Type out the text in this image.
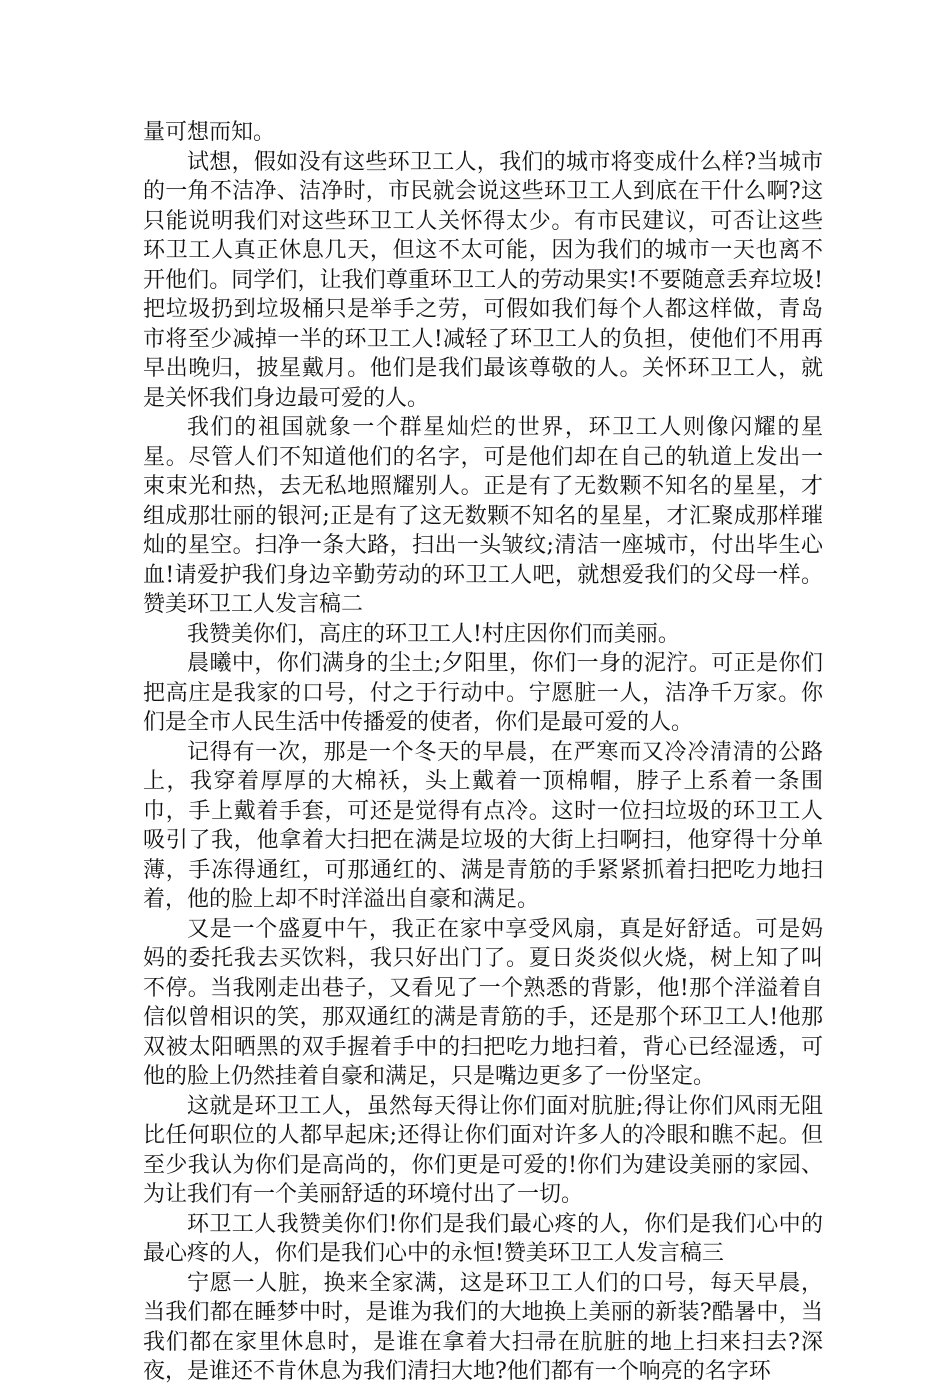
量可想而知。

试想，假如没有这些环卫工人，我们的城市将变成什么样?当城市的一角不洁净、洁净时，市民就会说这些环卫工人到底在干什么啊?这只能说明我们对这些环卫工人关怀得太少。有市民建议，可否让这些环卫工人真正休息几天，但这不太可能，因为我们的城市一天也离不开他们。同学们，让我们尊重环卫工人的劳动果实!不要随意丢弃垃圾!把垃圾扔到垃圾桶只是举手之劳，可假如我们每个人都这样做，青岛市将至少减掉一半的环卫工人!减轻了环卫工人的负担，使他们不用再早出晚归，披星戴月。他们是我们最该尊敬的人。关怀环卫工人，就是关怀我们身边最可爱的人。

我们的祖国就象一个群星灿烂的世界，环卫工人则像闪耀的星星。尽管人们不知道他们的名字，可是他们却在自己的轨道上发出一束束光和热，去无私地照耀别人。正是有了无数颗不知名的星星，才组成那壮丽的银河;正是有了这无数颗不知名的星星，才汇聚成那样璀灿的星空。扫净一条大路，扫出一头皱纹;清洁一座城市，付出毕生心血!请爱护我们身边辛勤劳动的环卫工人吧，就想爱我们的父母一样。赞美环卫工人发言稿二

我赞美你们，高庄的环卫工人!村庄因你们而美丽。

晨曦中，你们满身的尘土;夕阳里，你们一身的泥泞。可正是你们把高庄是我家的口号，付之于行动中。宁愿脏一人，洁净千万家。你们是全市人民生活中传播爱的使者，你们是最可爱的人。

记得有一次，那是一个冬天的早晨，在严寒而又冷冷清清的公路上，我穿着厚厚的大棉袄，头上戴着一顶棉帽，脖子上系着一条围巾，手上戴着手套，可还是觉得有点冷。这时一位扫垃圾的环卫工人吸引了我，他拿着大扫把在满是垃圾的大街上扫啊扫，他穿得十分单薄，手冻得通红，可那通红的、满是青筋的手紧紧抓着扫把吃力地扫着，他的脸上却不时洋溢出自豪和满足。

又是一个盛夏中午，我正在家中享受风扇，真是好舒适。可是妈妈的委托我去买饮料，我只好出门了。夏日炎炎似火烧，树上知了叫不停。当我刚走出巷子，又看见了一个熟悉的背影，他!那个洋溢着自信似曾相识的笑，那双通红的满是青筋的手，还是那个环卫工人!他那双被太阳晒黑的双手握着手中的扫把吃力地扫着，背心已经湿透，可他的脸上仍然挂着自豪和满足，只是嘴边更多了一份坚定。

这就是环卫工人，虽然每天得让你们面对肮脏;得让你们风雨无阻比任何职位的人都早起床;还得让你们面对许多人的冷眼和瞧不起。但至少我认为你们是高尚的，你们更是可爱的!你们为建设美丽的家园、为让我们有一个美丽舒适的环境付出了一切。

环卫工人我赞美你们!你们是我们最心疼的人，你们是我们心中的最心疼的人，你们是我们心中的永恒!赞美环卫工人发言稿三

宁愿一人脏，换来全家满，这是环卫工人们的口号，每天早晨，当我们都在睡梦中时，是谁为我们的大地换上美丽的新装?酷暑中，当我们都在家里休息时，是谁在拿着大扫帚在肮脏的地上扫来扫去?深夜，是谁还不肯休息为我们清扫大地?他们都有一个响亮的名字环
